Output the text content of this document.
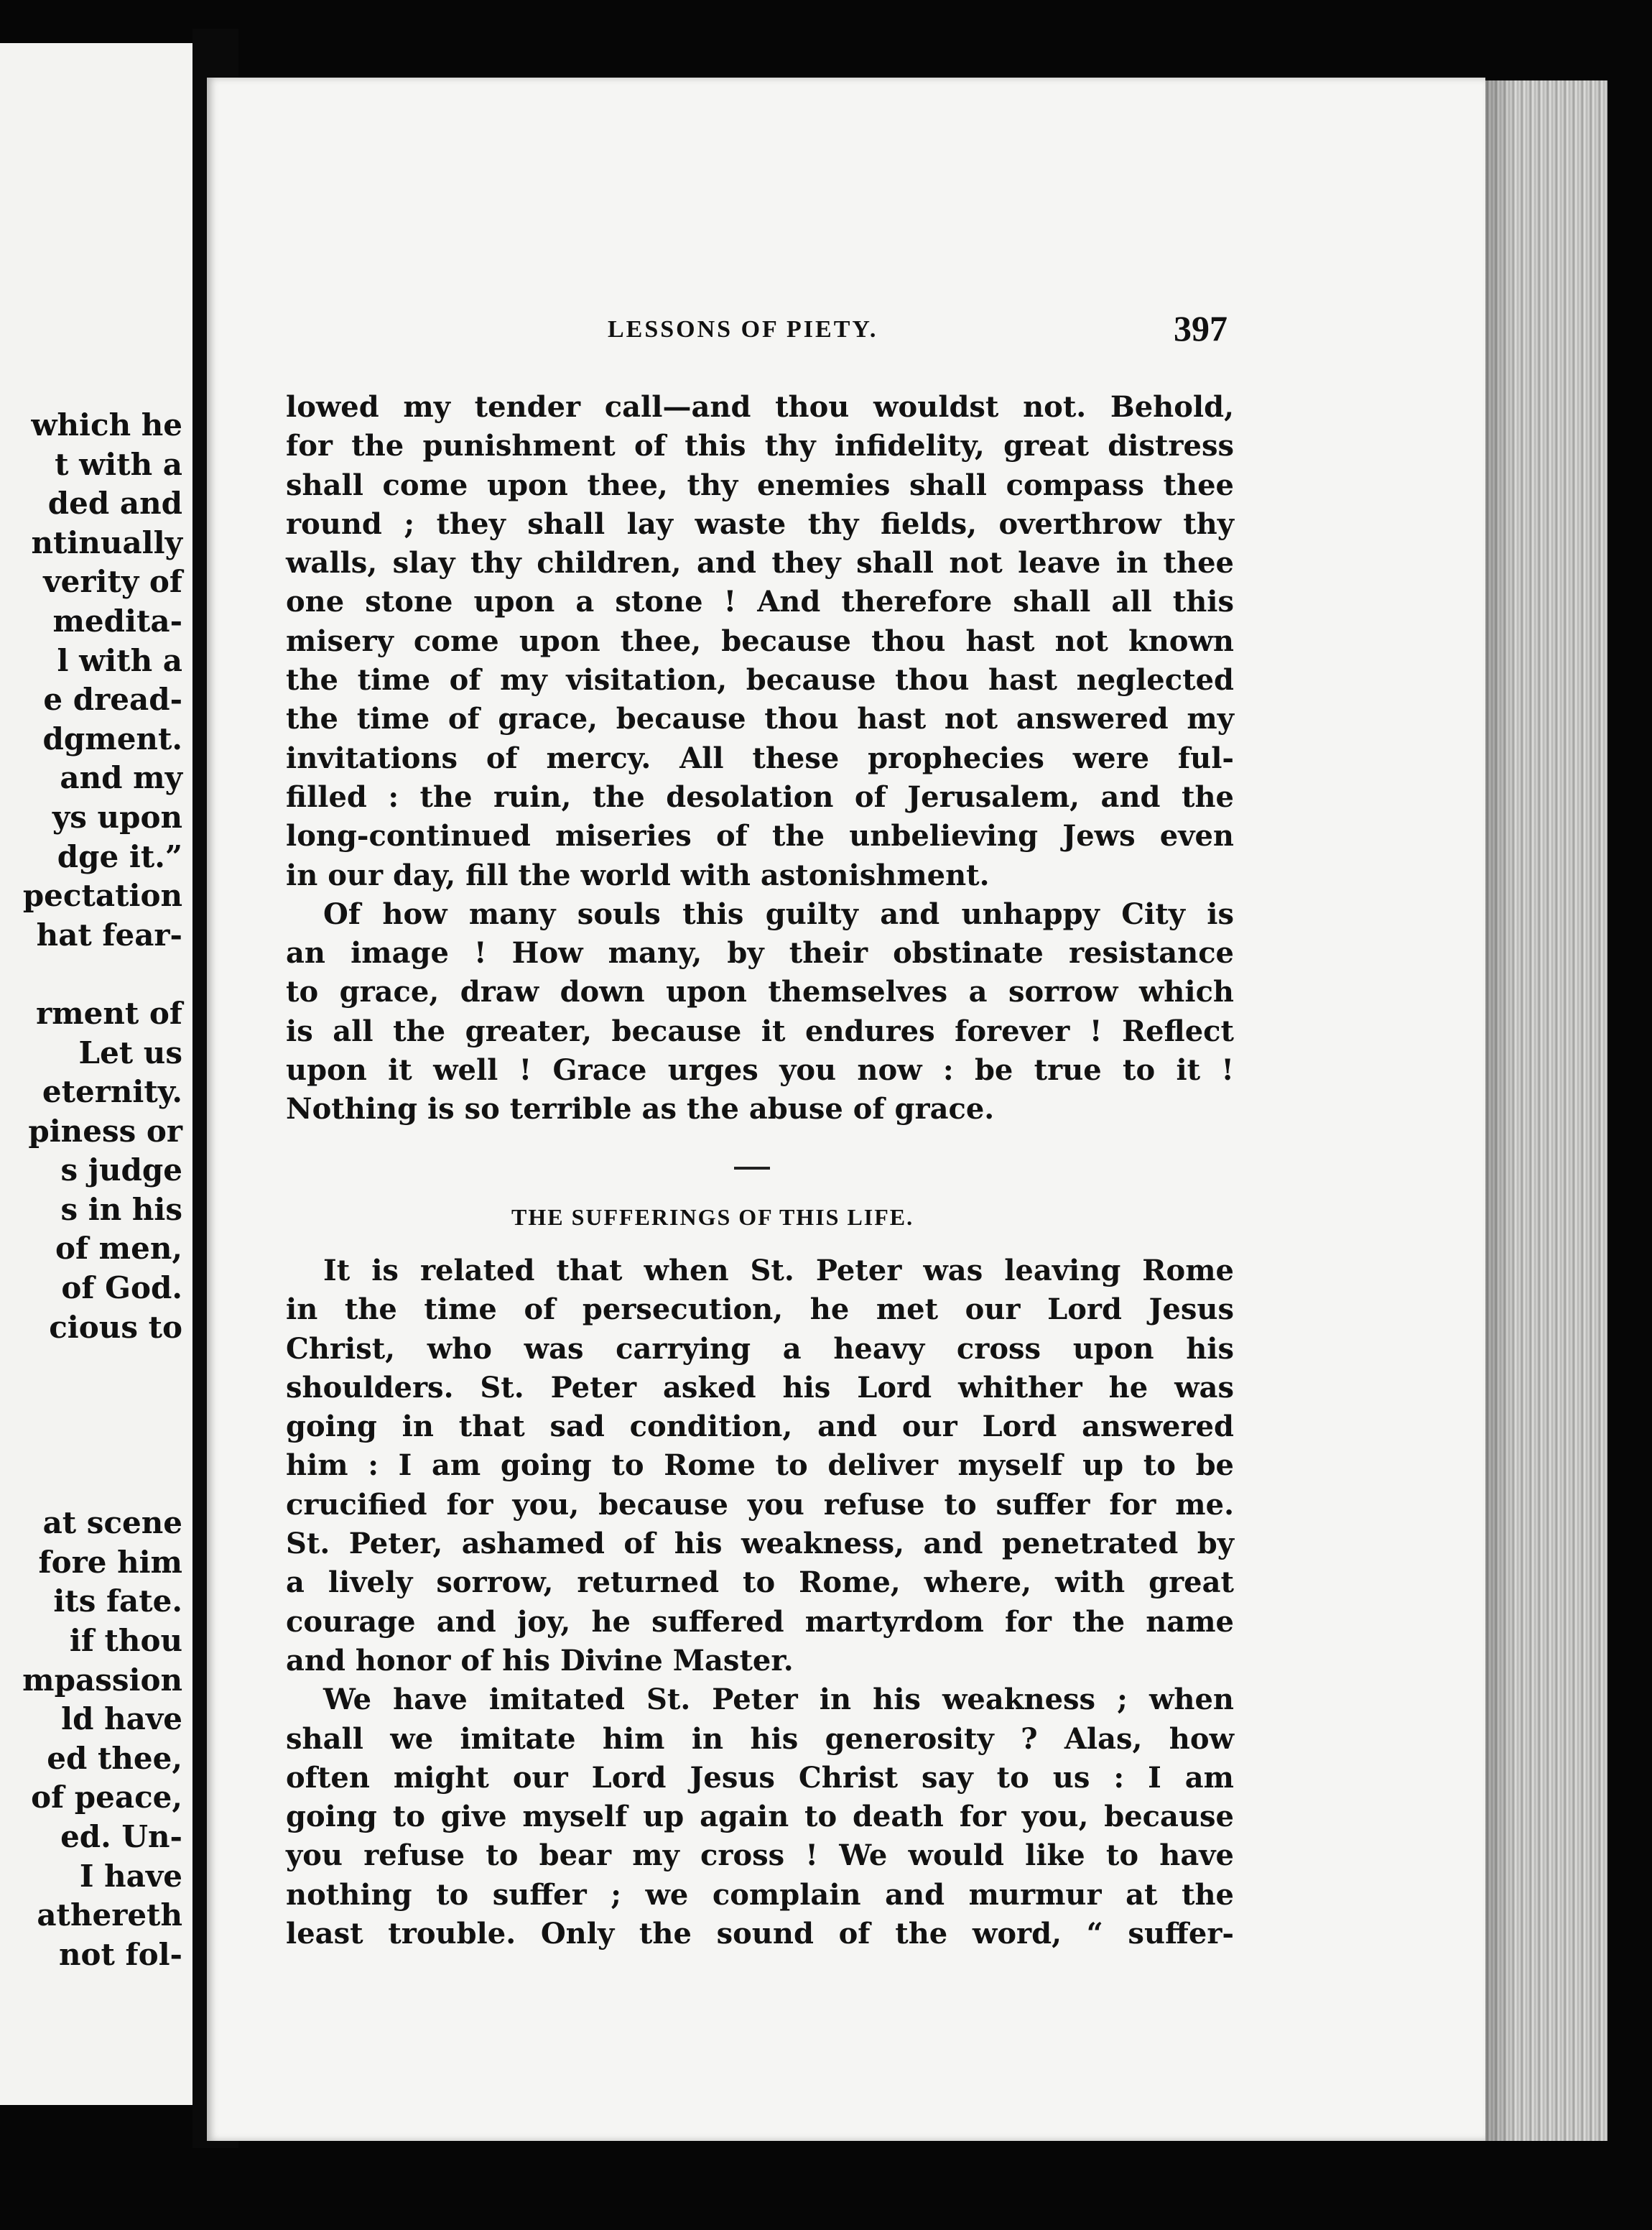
which he
t with a
ded and
ntinually
verity of
medita-
l with a
e dread-
dgment.
and my
ys upon
dge it.”
pectation
hat fear-
rment of
Let us
eternity.
piness or
s judge
s in his
of men,
of God.
cious to
at scene
fore him
its fate.
if thou
mpassion
ld have
ed thee,
of peace,
ed. Un-
I have
athereth
not fol-
LESSONS OF PIETY.	397
lowed my tender call—and thou wouldst not. Behold,
for the punishment of this thy infidelity, great distress
shall come upon thee, thy enemies shall compass thee
round ; they shall lay waste thy fields, overthrow thy
walls, slay thy children, and they shall not leave in thee
one stone upon a stone ! And therefore shall all this
misery come upon thee, because thou hast not known
the time of my visitation, because thou hast neglected
the time of grace, because thou hast not answered my
invitations of mercy. All these prophecies were ful-
filled : the ruin, the desolation of Jerusalem, and the
long-continued miseries of the unbelieving Jews even
in our day, fill the world with astonishment.
Of how many souls this guilty and unhappy City is
an image ! How many, by their obstinate resistance
to grace, draw down upon themselves a sorrow which
is all the greater, because it endures forever ! Reflect
upon it well ! Grace urges you now : be true to it !
Nothing is so terrible as the abuse of grace.
THE SUFFERINGS OF THIS LIFE.
It is related that when St. Peter was leaving Rome
in the time of persecution, he met our Lord Jesus
Christ, who was carrying a heavy cross upon his
shoulders. St. Peter asked his Lord whither he was
going in that sad condition, and our Lord answered
him : I am going to Rome to deliver myself up to be
crucified for you, because you refuse to suffer for me.
St. Peter, ashamed of his weakness, and penetrated by
a lively sorrow, returned to Rome, where, with great
courage and joy, he suffered martyrdom for the name
and honor of his Divine Master.
We have imitated St. Peter in his weakness ; when
shall we imitate him in his generosity ? Alas, how
often might our Lord Jesus Christ say to us : I am
going to give myself up again to death for you, because
you refuse to bear my cross ! We would like to have
nothing to suffer ; we complain and murmur at the
least trouble. Only the sound of the word, “ suffer-
